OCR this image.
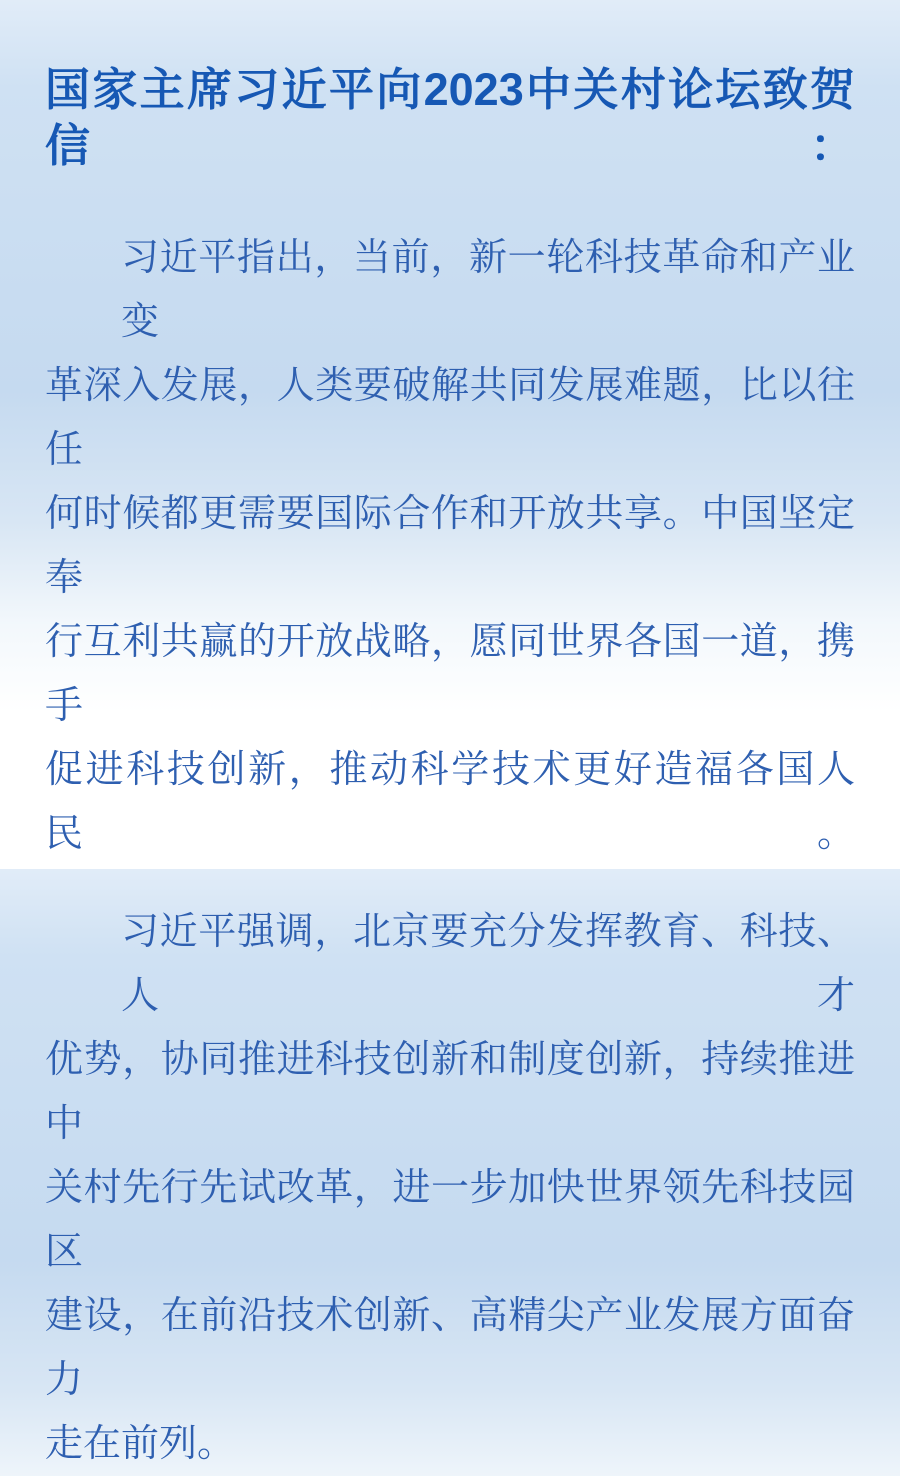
国家主席习近平向2023中关村论坛致贺信：
习近平指出，当前，新一轮科技革命和产业变
革深入发展，人类要破解共同发展难题，比以往任
何时候都更需要国际合作和开放共享。中国坚定奉
行互利共赢的开放战略，愿同世界各国一道，携手
促进科技创新，推动科学技术更好造福各国人民。
习近平强调，北京要充分发挥教育、科技、人才
优势，协同推进科技创新和制度创新，持续推进中
关村先行先试改革，进一步加快世界领先科技园区
建设，在前沿技术创新、高精尖产业发展方面奋力
走在前列。
